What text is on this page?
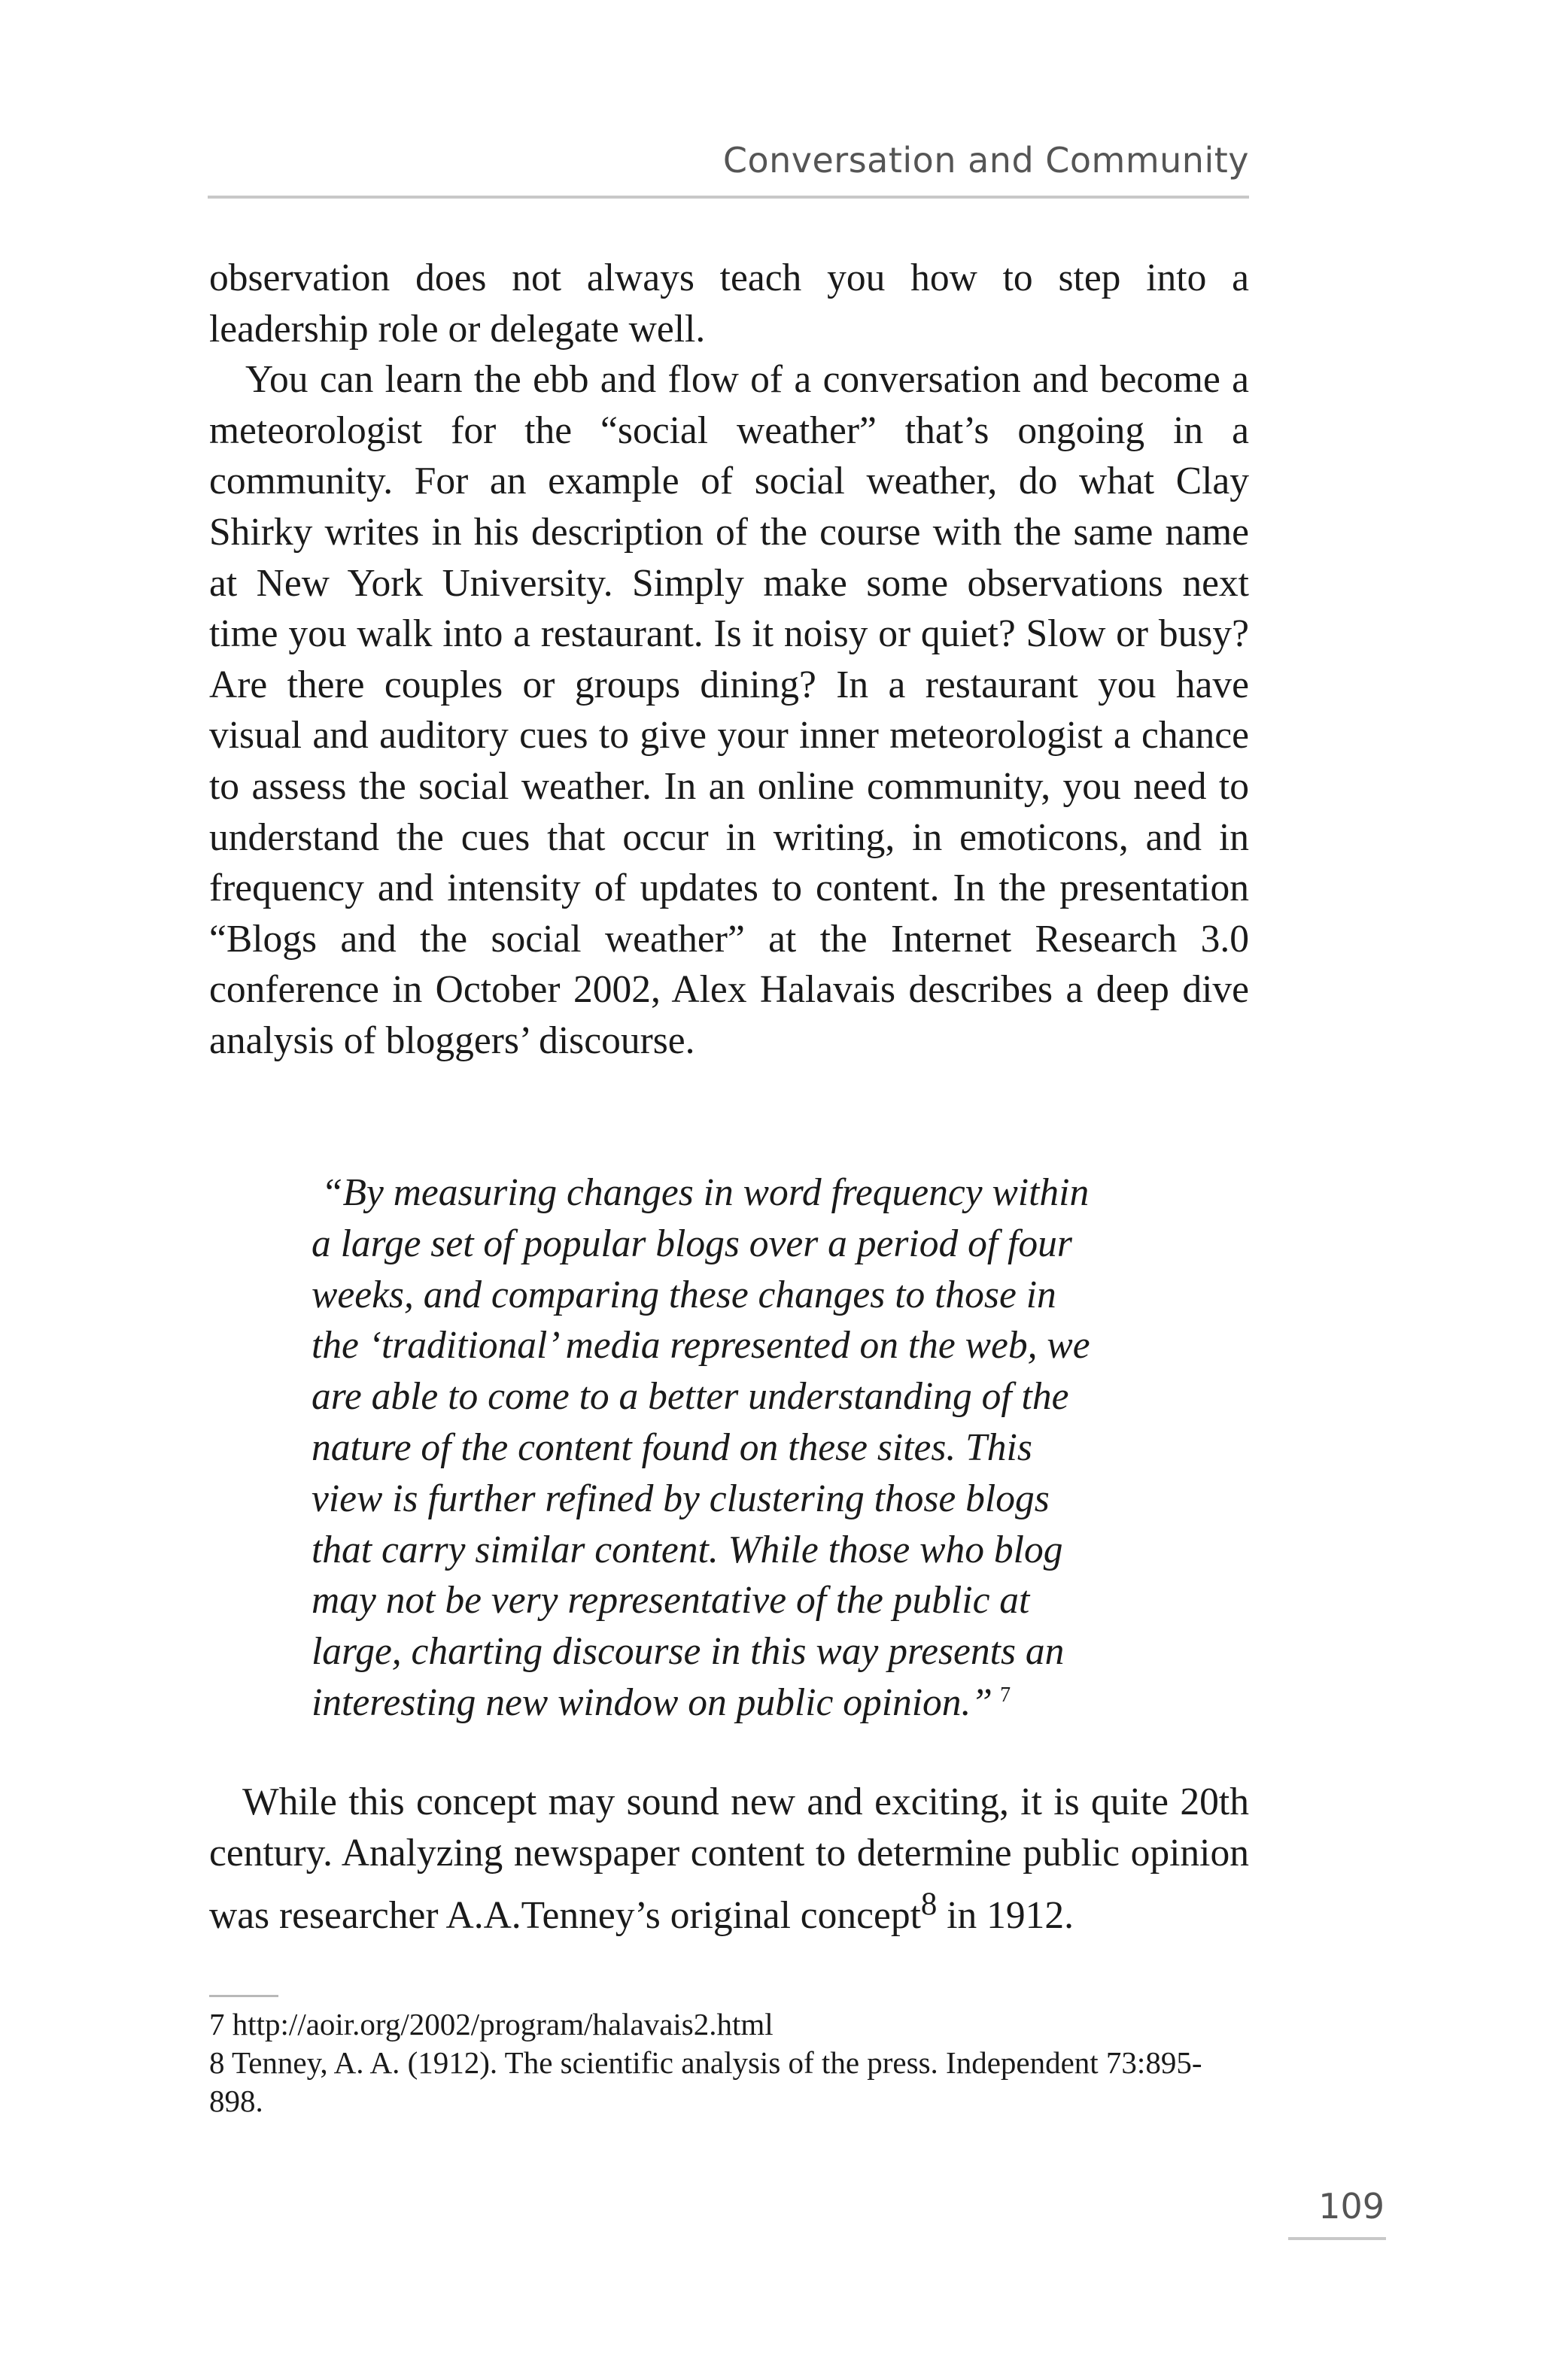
Conversation and Community

observation does not always teach you how to step into a leadership role or delegate well.

You can learn the ebb and flow of a conversation and become a meteorologist for the “social weather” that’s ongoing in a community. For an example of social weather, do what Clay Shirky writes in his description of the course with the same name at New York University. Simply make some observations next time you walk into a restaurant. Is it noisy or quiet? Slow or busy? Are there couples or groups dining? In a restaurant you have visual and auditory cues to give your inner meteorologist a chance to assess the social weather. In an online community, you need to understand the cues that occur in writing, in emoticons, and in frequency and intensity of updates to content. In the presentation “Blogs and the social weather” at the Internet Research 3.0 conference in October 2002, Alex Halavais describes a deep dive analysis of bloggers’ discourse.

“By measuring changes in word frequency within
a large set of popular blogs over a period of four
weeks, and comparing these changes to those in
the ‘traditional’ media represented on the web, we
are able to come to a better understanding of the
nature of the content found on these sites. This
view is further refined by clustering those blogs
that carry similar content. While those who blog
may not be very representative of the public at
large, charting discourse in this way presents an
interesting new window on public opinion.” $^7$

While this concept may sound new and exciting, it is quite 20th century. Analyzing newspaper content to determine public opinion was researcher A.A.Tenney’s original concept$^8$ in 1912.

7 http://aoir.org/2002/program/halavais2.html
8 Tenney, A. A. (1912). The scientific analysis of the press. Independent 73:895-898.
109
